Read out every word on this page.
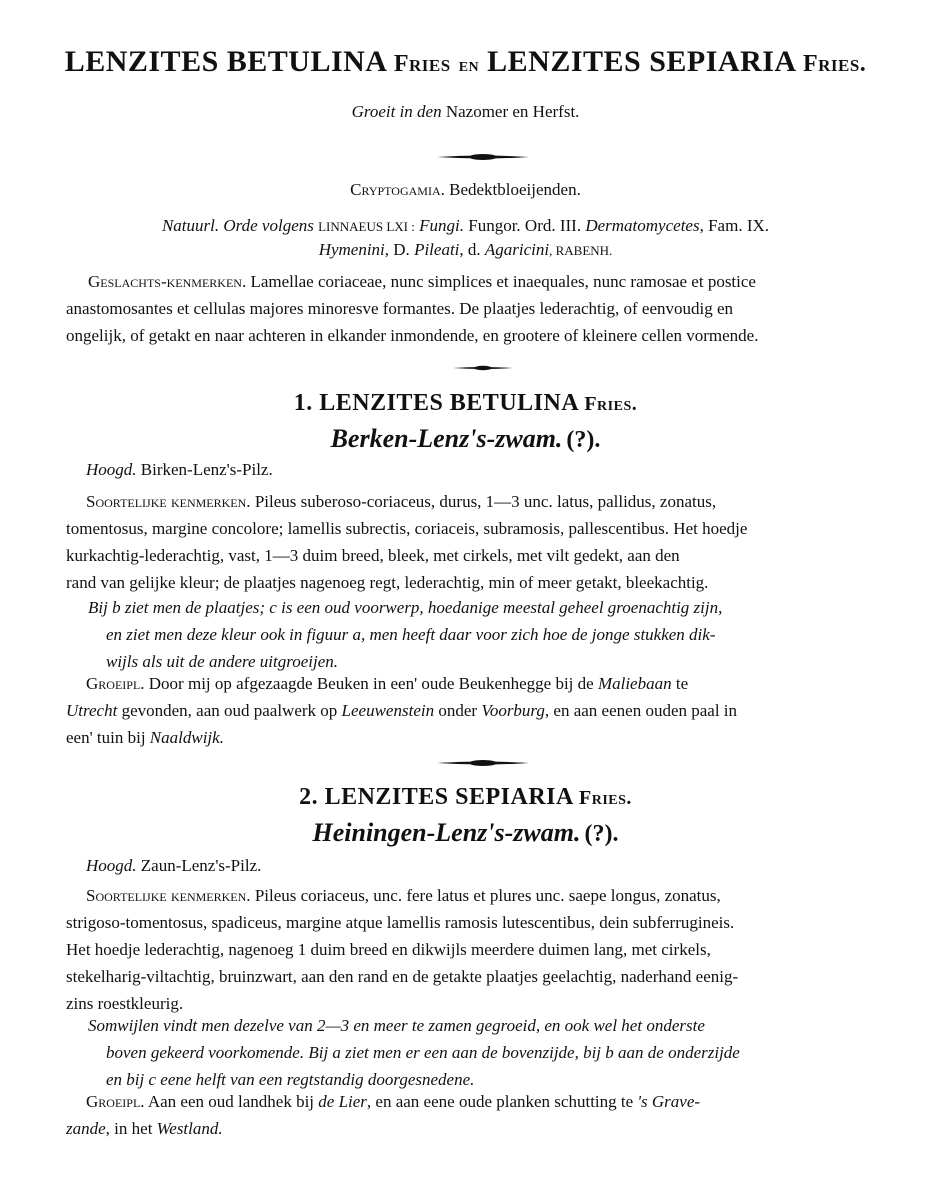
LENZITES BETULINA Fries en LENZITES SEPIARIA Fries.
Groeit in den Nazomer en Herfst.
Cryptogamia. Bedektbloeijenden.
Natuurl. Orde volgens LINNAEUS LXI : Fungi. Fungor. Ord. III. Dermatomycetes, Fam. IX.
Hymenini, D. Pileati, d. Agaricini, RABENH.
Geslachts-kenmerken. Lamellae coriaceae, nunc simplices et inaequales, nunc ramosae et postice
anastomosantes et cellulas majores minoresve formantes. De plaatjes lederachtig, of eenvoudig en
ongelijk, of getakt en naar achteren in elkander inmondende, en grootere of kleinere cellen vormende.
1. LENZITES BETULINA Fries.
Berken-Lenz's-zwam. (?).
Hoogd. Birken-Lenz's-Pilz.
Soortelijke kenmerken. Pileus suberoso-coriaceus, durus, 1—3 unc. latus, pallidus, zonatus,
tomentosus, margine concolore; lamellis subrectis, coriaceis, subramosis, pallescentibus. Het hoedje
kurkachtig-lederachtig, vast, 1—3 duim breed, bleek, met cirkels, met vilt gedekt, aan den
rand van gelijke kleur; de plaatjes nagenoeg regt, lederachtig, min of meer getakt, bleekachtig.
Bij b ziet men de plaatjes; c is een oud voorwerp, hoedanige meestal geheel groenachtig zijn,
en ziet men deze kleur ook in figuur a, men heeft daar voor zich hoe de jonge stukken dik-
wijls als uit de andere uitgroeijen.
Groeipl. Door mij op afgezaagde Beuken in een' oude Beukenhegge bij de Maliebaan te
Utrecht gevonden, aan oud paalwerk op Leeuwenstein onder Voorburg, en aan eenen ouden paal in
een' tuin bij Naaldwijk.
2. LENZITES SEPIARIA Fries.
Heiningen-Lenz's-zwam. (?).
Hoogd. Zaun-Lenz's-Pilz.
Soortelijke kenmerken. Pileus coriaceus, unc. fere latus et plures unc. saepe longus, zonatus,
strigoso-tomentosus, spadiceus, margine atque lamellis ramosis lutescentibus, dein subferrugineis.
Het hoedje lederachtig, nagenoeg 1 duim breed en dikwijls meerdere duimen lang, met cirkels,
stekelharig-viltachtig, bruinzwart, aan den rand en de getakte plaatjes geelachtig, naderhand eenig-
zins roestkleurig.
Somwijlen vindt men dezelve van 2—3 en meer te zamen gegroeid, en ook wel het onderste
boven gekeerd voorkomende. Bij a ziet men er een aan de bovenzijde, bij b aan de onderzijde
en bij c eene helft van een regtstandig doorgesnedene.
Groeipl. Aan een oud landhek bij de Lier, en aan eene oude planken schutting te 's Grave-
zande, in het Westland.
